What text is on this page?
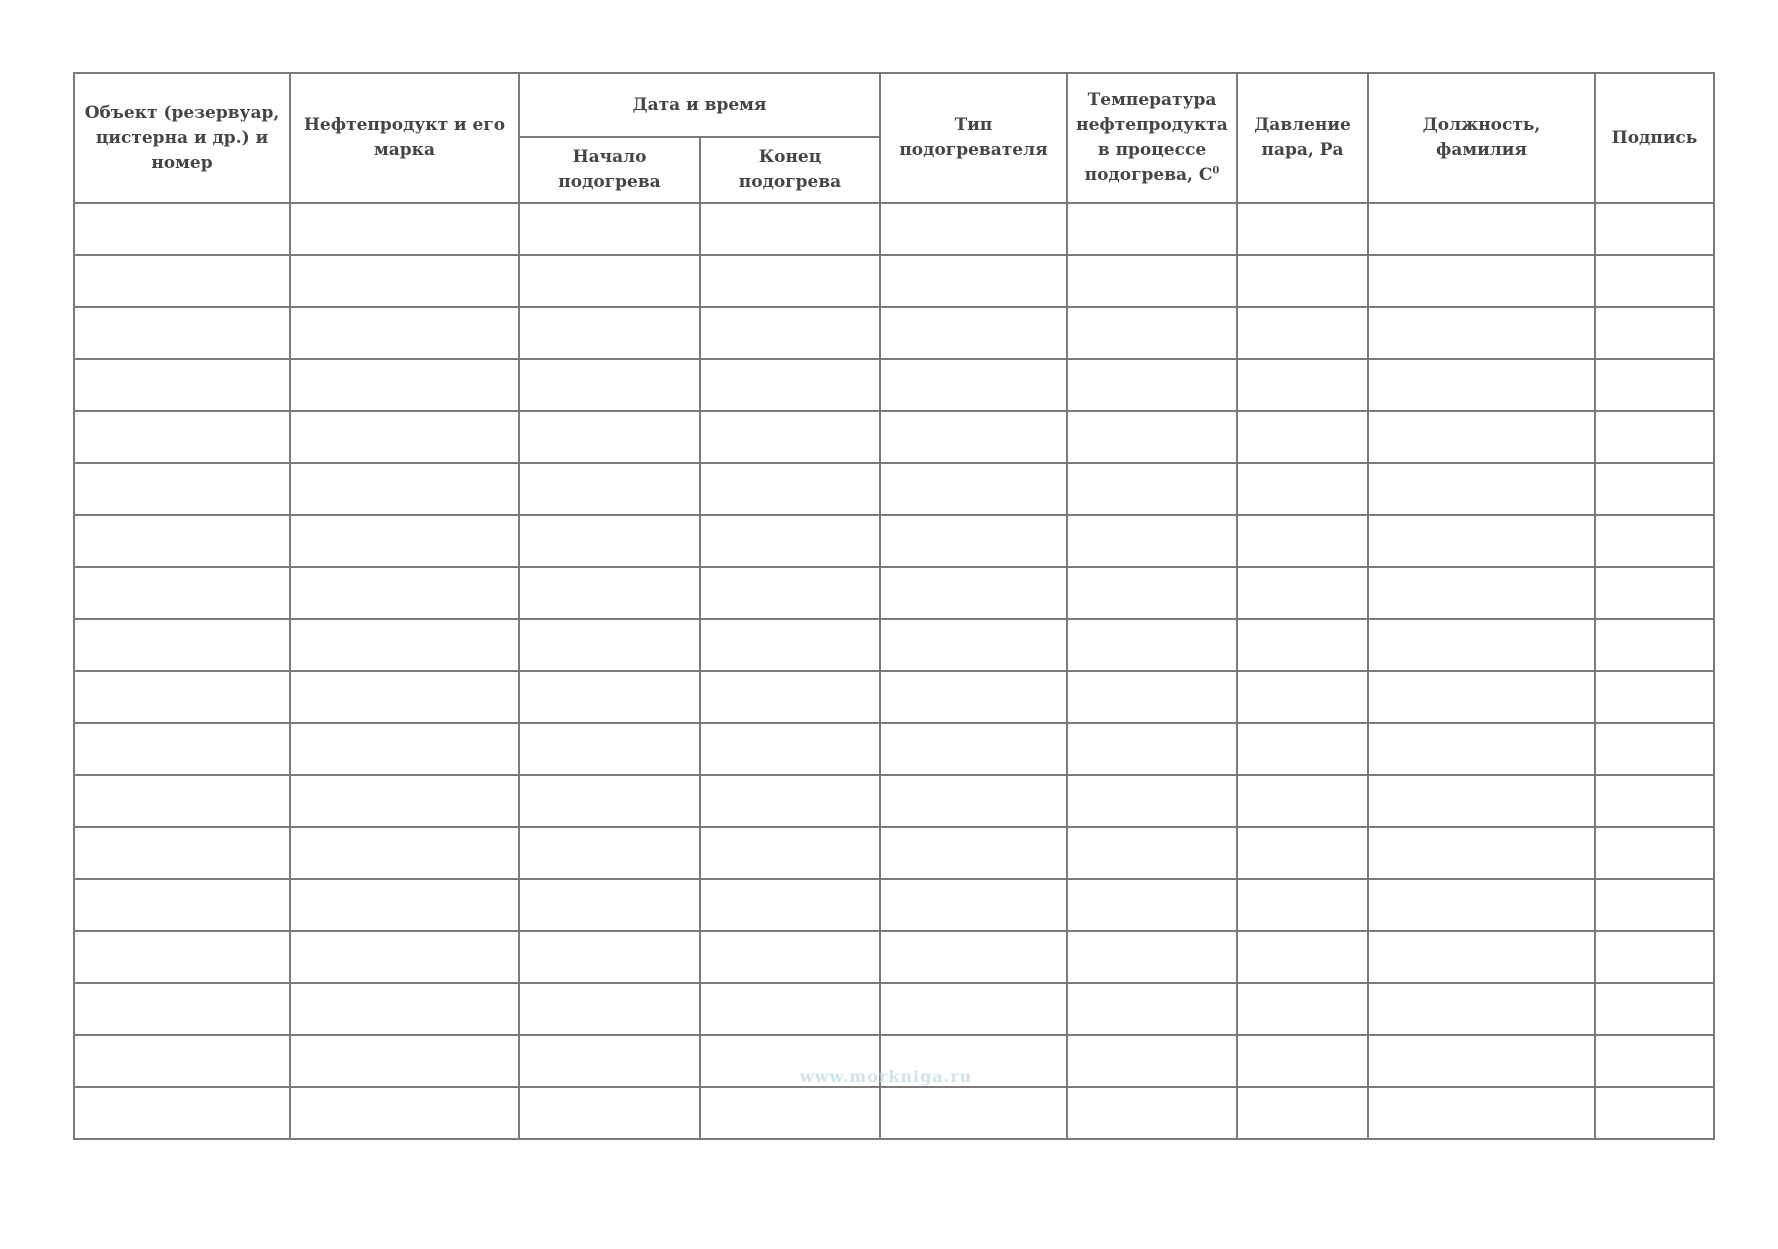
Объект (резервуар, цистерна и др.) и номер	Нефтепродукт и его марка	Дата и время		Тип подогревателя	Температура нефтепродукта в процессе подогрева, $С^0$	Давление пара, Ра	Должность, фамилия	Подпись
		Начало подогрева	Конец подогрева					

www.morkniga.ru
